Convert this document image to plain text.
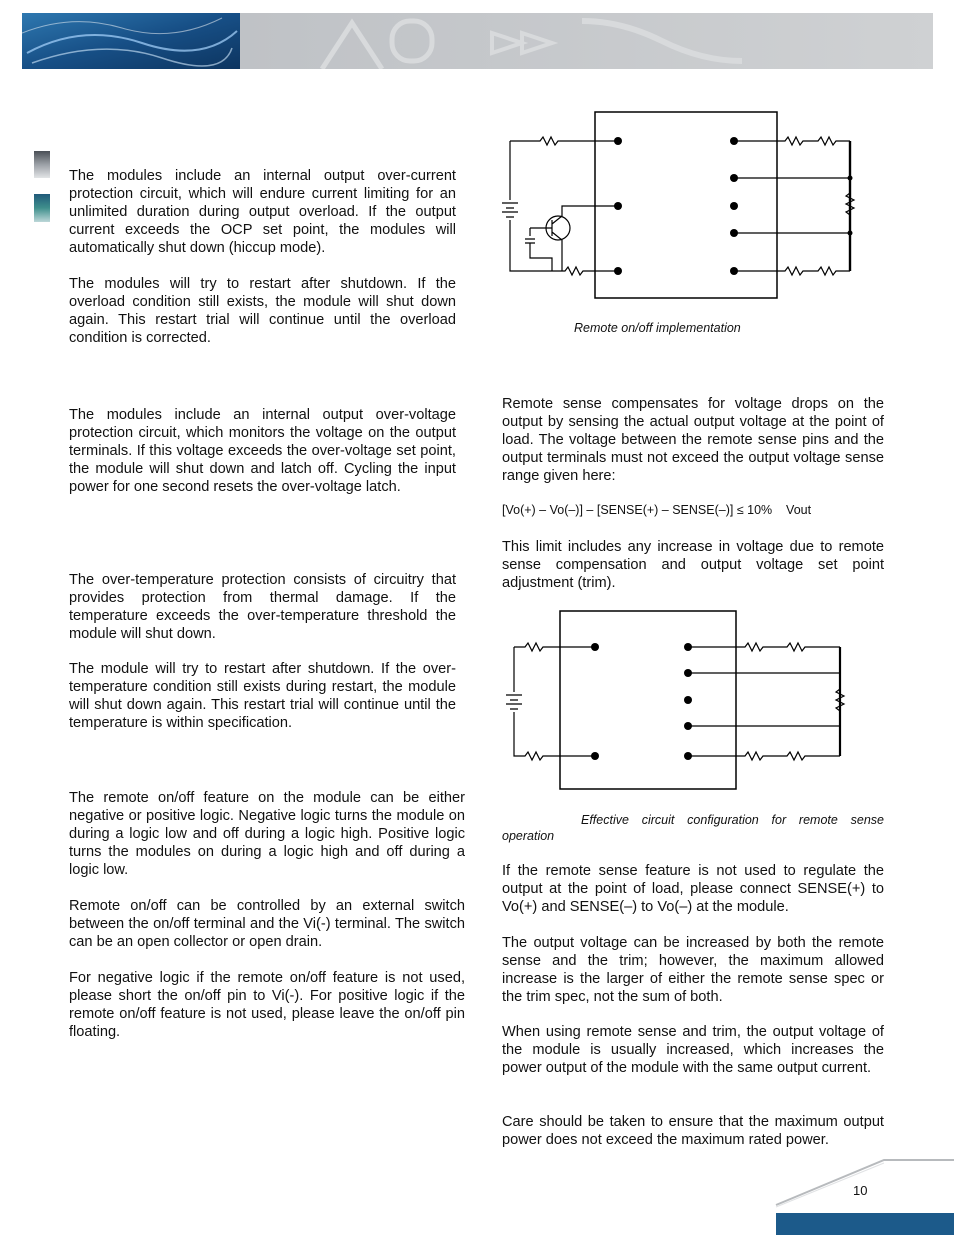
The modules include an internal output over-current protection circuit, which will endure current limiting for an unlimited duration during output overload. If the output current exceeds the OCP set point, the modules will automatically shut down (hiccup mode).

The modules will try to restart after shutdown. If the overload condition still exists, the module will shut down again. This restart trial will continue until the overload condition is corrected.

The modules include an internal output over-voltage protection circuit, which monitors the voltage on the output terminals. If this voltage exceeds the over-voltage set point, the module will shut down and latch off. Cycling the input power for one second resets the over-voltage latch.

The over-temperature protection consists of circuitry that provides protection from thermal damage. If the temperature exceeds the over-temperature threshold the module will shut down.

The module will try to restart after shutdown. If the over-temperature condition still exists during restart, the module will shut down again. This restart trial will continue until the temperature is within specification.

The remote on/off feature on the module can be either negative or positive logic. Negative logic turns the module on during a logic low and off during a logic high. Positive logic turns the modules on during a logic high and off during a logic low.

Remote on/off can be controlled by an external switch between the on/off terminal and the Vi(-) terminal. The switch can be an open collector or open drain.

For negative logic if the remote on/off feature is not used, please short the on/off pin to Vi(-). For positive logic if the remote on/off feature is not used, please leave the on/off pin floating.

Remote on/off implementation

Remote sense compensates for voltage drops on the output by sensing the actual output voltage at the point of load. The voltage between the remote sense pins and the output terminals must not exceed the output voltage sense range given here:

[Vo(+) – Vo(–)] – [SENSE(+) – SENSE(–)] ≤ 10%    Vout

This limit includes any increase in voltage due to remote sense compensation and output voltage set point adjustment (trim).

Effective circuit configuration for remote sense operation

If the remote sense feature is not used to regulate the output at the point of load, please connect SENSE(+) to Vo(+) and SENSE(–) to Vo(–) at the module.

The output voltage can be increased by both the remote sense and the trim; however, the maximum allowed increase is the larger of either the remote sense spec or the trim spec, not the sum of both.

When using remote sense and trim, the output voltage of the module is usually increased, which increases the power output of the module with the same output current.

Care should be taken to ensure that the maximum output power does not exceed the maximum rated power.

10
